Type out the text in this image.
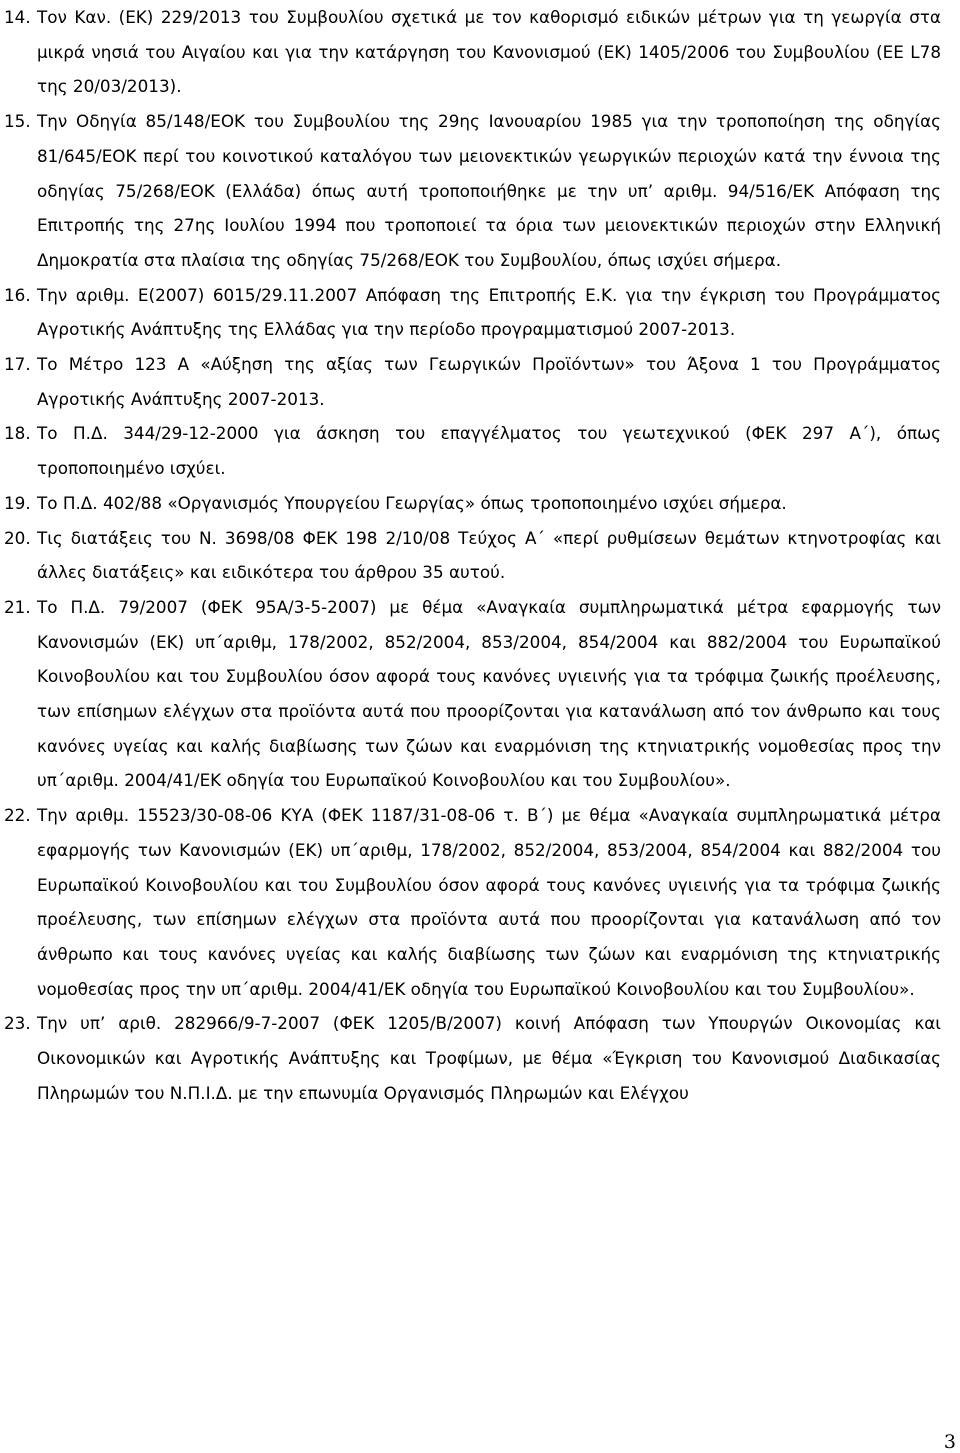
14. Τον Καν. (ΕΚ) 229/2013 του Συμβουλίου σχετικά με τον καθορισμό ειδικών μέτρων για τη γεωργία στα μικρά νησιά του Αιγαίου και για την κατάργηση του Κανονισμού (ΕΚ) 1405/2006 του Συμβουλίου (ΕΕ L78 της 20/03/2013).
15. Την Οδηγία 85/148/ΕΟΚ του Συμβουλίου της 29ης Ιανουαρίου 1985 για την τροποποίηση της οδηγίας 81/645/ΕΟΚ περί του κοινοτικού καταλόγου των μειονεκτικών γεωργικών περιοχών κατά την έννοια της οδηγίας 75/268/ΕΟΚ (Ελλάδα) όπως αυτή τροποποιήθηκε με την υπ’ αριθμ. 94/516/ΕΚ Απόφαση της Επιτροπής της 27ης Ιουλίου 1994 που τροποποιεί τα όρια των μειονεκτικών περιοχών στην Ελληνική Δημοκρατία στα πλαίσια της οδηγίας 75/268/ΕΟΚ του Συμβουλίου, όπως ισχύει σήμερα.
16. Την αριθμ. Ε(2007) 6015/29.11.2007 Απόφαση της Επιτροπής Ε.Κ. για την έγκριση του Προγράμματος Αγροτικής Ανάπτυξης της Ελλάδας για την περίοδο προγραμματισμού 2007-2013.
17. Το Μέτρο 123 Α «Αύξηση της αξίας των Γεωργικών Προϊόντων» του Άξονα 1 του Προγράμματος Αγροτικής Ανάπτυξης 2007-2013.
18. Το Π.Δ. 344/29-12-2000 για άσκηση του επαγγέλματος του γεωτεχνικού (ΦΕΚ 297 Α΄), όπως τροποποιημένο ισχύει.
19. Το Π.Δ. 402/88 «Οργανισμός Υπουργείου Γεωργίας» όπως τροποποιημένο ισχύει σήμερα.
20. Τις διατάξεις του Ν. 3698/08 ΦΕΚ 198 2/10/08 Τεύχος Α΄ «περί ρυθμίσεων θεμάτων κτηνοτροφίας και άλλες διατάξεις» και ειδικότερα του άρθρου 35 αυτού.
21. Το Π.Δ. 79/2007 (ΦΕΚ 95Α/3-5-2007) με θέμα «Αναγκαία συμπληρωματικά μέτρα εφαρμογής των Κανονισμών (ΕΚ) υπ΄αριθμ, 178/2002, 852/2004, 853/2004, 854/2004 και 882/2004 του Ευρωπαϊκού Κοινοβουλίου και του Συμβουλίου όσον αφορά τους κανόνες υγιεινής για τα τρόφιμα ζωικής προέλευσης, των επίσημων ελέγχων στα προϊόντα αυτά που προορίζονται για κατανάλωση από τον άνθρωπο και τους κανόνες υγείας και καλής διαβίωσης των ζώων και εναρμόνιση της κτηνιατρικής νομοθεσίας προς την υπ΄αριθμ. 2004/41/ΕΚ οδηγία του Ευρωπαϊκού Κοινοβουλίου και του Συμβουλίου».
22. Την αριθμ. 15523/30-08-06 ΚΥΑ (ΦΕΚ 1187/31-08-06 τ. Β΄) με θέμα «Αναγκαία συμπληρωματικά μέτρα εφαρμογής των Κανονισμών (ΕΚ) υπ΄αριθμ, 178/2002, 852/2004, 853/2004, 854/2004 και 882/2004 του Ευρωπαϊκού Κοινοβουλίου και του Συμβουλίου όσον αφορά τους κανόνες υγιεινής για τα τρόφιμα ζωικής προέλευσης, των επίσημων ελέγχων στα προϊόντα αυτά που προορίζονται για κατανάλωση από τον άνθρωπο και τους κανόνες υγείας και καλής διαβίωσης των ζώων και εναρμόνιση της κτηνιατρικής νομοθεσίας προς την υπ΄αριθμ. 2004/41/ΕΚ οδηγία του Ευρωπαϊκού Κοινοβουλίου και του Συμβουλίου».
23. Την υπ’ αριθ. 282966/9-7-2007 (ΦΕΚ 1205/Β/2007) κοινή Απόφαση των Υπουργών Οικονομίας και Οικονομικών και Αγροτικής Ανάπτυξης και Τροφίμων, με θέμα «Έγκριση του Κανονισμού Διαδικασίας Πληρωμών του Ν.Π.Ι.Δ. με την επωνυμία Οργανισμός Πληρωμών και Ελέγχου
3
